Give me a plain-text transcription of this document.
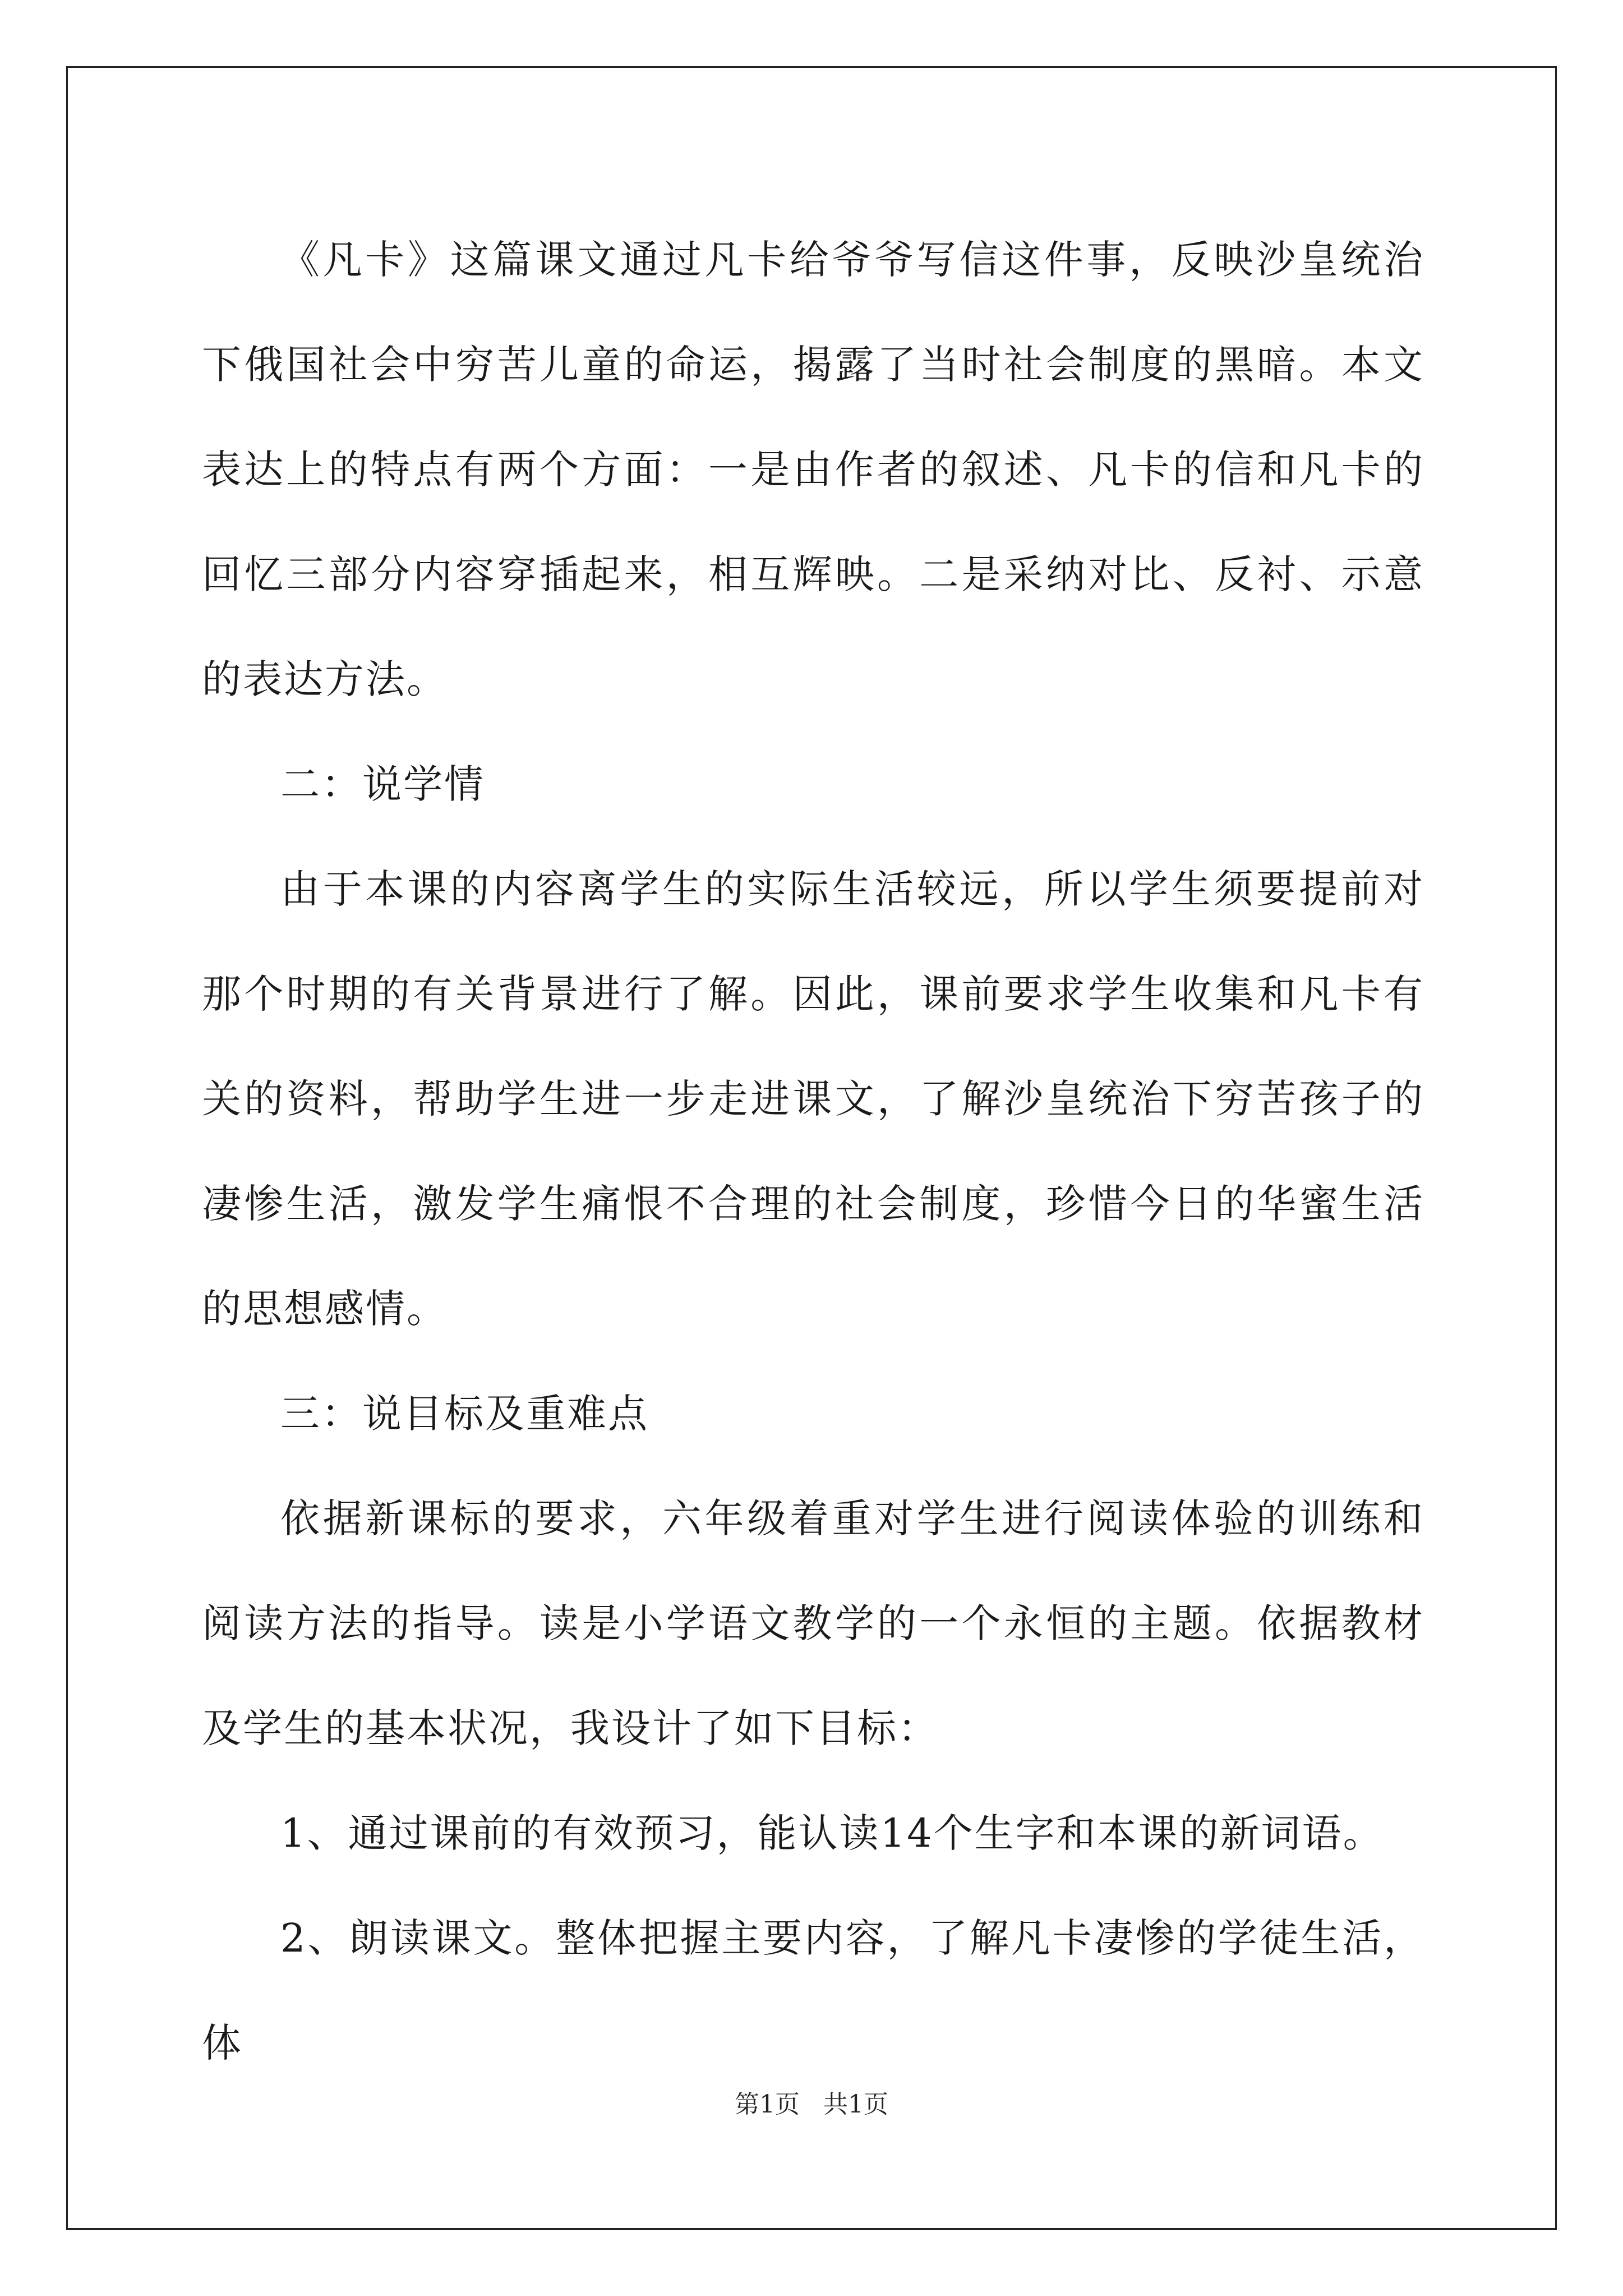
《凡卡》这篇课文通过凡卡给爷爷写信这件事，反映沙皇统治下俄国社会中穷苦儿童的命运，揭露了当时社会制度的黑暗。本文表达上的特点有两个方面：一是由作者的叙述、凡卡的信和凡卡的回忆三部分内容穿插起来，相互辉映。二是采纳对比、反衬、示意的表达方法。

二：说学情

由于本课的内容离学生的实际生活较远，所以学生须要提前对那个时期的有关背景进行了解。因此，课前要求学生收集和凡卡有关的资料，帮助学生进一步走进课文，了解沙皇统治下穷苦孩子的凄惨生活，激发学生痛恨不合理的社会制度，珍惜今日的华蜜生活的思想感情。

三：说目标及重难点

依据新课标的要求，六年级着重对学生进行阅读体验的训练和阅读方法的指导。读是小学语文教学的一个永恒的主题。依据教材及学生的基本状况，我设计了如下目标：

1、通过课前的有效预习，能认读14个生字和本课的新词语。

2、朗读课文。整体把握主要内容，了解凡卡凄惨的学徒生活，体

第1页 共1页
